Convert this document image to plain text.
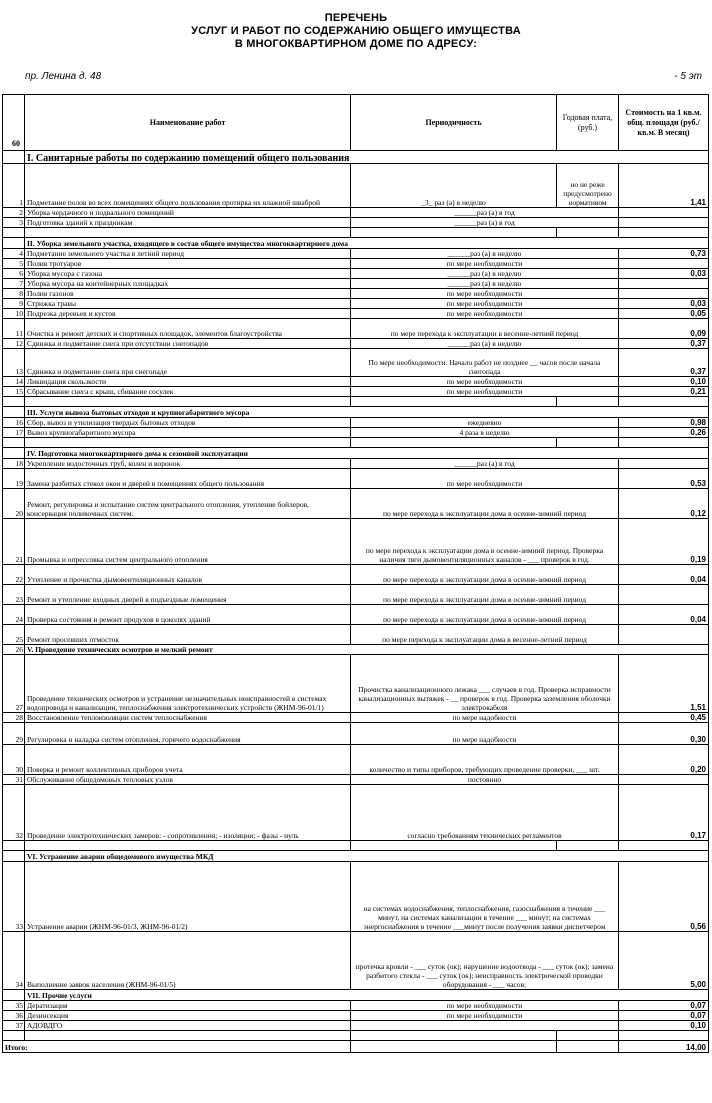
ПЕРЕЧЕНЬ
УСЛУГ И РАБОТ ПО СОДЕРЖАНИЮ ОБЩЕГО ИМУЩЕСТВА
В МНОГОКВАРТИРНОМ ДОМЕ ПО АДРЕСУ:
пр. Ленина д. 48	- 5 эт
60	Наименование работ	Периодичность	Годовая плата, (руб.)	Стоимость на 1 кв.м. общ. площади (руб./кв.м. В месяц)
	I. Санитарные работы по содержанию помещений общего пользования			
1	Подметание полов во всех помещениях общего пользования протирка их влажной шваброй	_3_ раз (а) в неделю	но не реже предусмотрено нормативом	1,41
2	Уборка чердачного и подвального помещений	______раз (а) в год		
3	Подготовка зданий к праздникам	______раз (а) в год		

	II. Уборка земельного участка, входящего в состав общего имущества многоквартирного дома			
4	Подметание земельного участка в летний период	______раз (а) в неделю		0,73
5	Полив тротуаров	по мере необходимости		
6	Уборка мусора с газона	______раз (а) в неделю		0,03
7	Уборка мусора на контейнерных площадках	______раз (а) в неделю		
8	Полив газонов	по мере необходимости		
9	Стрижка травы	по мере необходимости		0,03
10	Подрезка деревьев и кустов	по мере необходимости		0,05
11	Очистка и ремонт детских и спортивных площадок, элементов благоустройства	по мере перехода к эксплуатации в весенне-летний период		0,09
12	Сдвижка и подметание снега при отсутствии снегопадов	______раз (а) в неделю		0,37
13	Сдвижка и подметание снега при снегопаде	По мере необходимости. Начало работ не позднее __ часов после начала снегопада		0,37
14	Ликвидация скользкости	по мере необходимости		0,10
15	Сбрасывание снега с крыш, сбивание сосулек	по мере необходимости		0,21

	III. Услуги вывоза бытовых отходов и крупногабаритного мусора			
16	Сбор, вывоз и утилизация твердых бытовых отходов	ежедневно		0,98
17	Вывоз крупногабаритного мусора	4 раза в неделю		0,26

	IV. Подготовка многоквартирного дома к сезонной эксплуатации			
18	Укрепление водосточных труб, колен и воронок	______раз (а) в год		
19	Замена разбитых стекол окон и дверей в помещениях общего пользования	по мере необходимости		0,53
20	Ремонт, регулировка и испытание систем центрального отопления, утепление бойлеров, консервация поливочных систем.	по мере перехода к эксплуатации дома в осенне-зимний период		0,12
21	Промывка и опрессовка систем центрального отопления	по мере перехода к эксплуатации дома в осенне-зимний период. Проверка наличия тяги дымовентиляционных каналов - ___ проверок в год.		0,19
22	Утепление и прочистка дымовентиляционных каналов	по мере перехода к эксплуатации дома в осенне-зимний период		0,04
23	Ремонт и утепление входных дверей в подъездные помещения	по мере перехода к эксплуатации дома в осенне-зимний период		
24	Проверка состояния и ремонт продухов в цоколях зданий	по мере перехода к эксплуатации дома в осенне-зимний период		0,04
25	Ремонт просевших отмосток	по мере перехода к эксплуатации дома в весенне-летний период		
26	V. Проведение технических осмотров и мелкий ремонт			
27	Проведение технических осмотров и устранение незначительных неисправностей в системах водопровода и канализации, теплоснабжения электротехнических устройств (ЖНМ-96-01/1)	Прочистка канализационного лежака ___ случаев в год. Проверка исправности канализационных вытяжек - __ проверок в год. Проверка заземления оболочки электрокабеля		1,51
28	Восстановление теплоизоляции систем теплоснабжения	по мере надобности		0,45
29	Регулировка и наладка систем отопления, горячего водоснабжения	по мере надобности		0,30
30	Поверка и ремонт коллективных приборов учета	количество и типы приборов, требующих проведение проверки, ___ шт.		0,20
31	Обслуживание общедомовых тепловых узлов	постоянно		
32	Проведение электротехнических замеров: - сопротивления; - изоляции; - фазы - нуль	согласно требованиям технических регламентов		0,17

	VI. Устранение аварии общедомового имущества МКД			
33	Устранение аварии (ЖНМ-96-01/3, ЖНМ-96-01/2)	на системах водоснабжения, теплоснабжения, газоснабжения в течение ___ минут, на системах канализации в течение ___ минут; на системах энергоснабжения в течение ___минут после получения заявки диспетчером		0,56
34	Выполнение заявок населения (ЖНМ-96-01/5)	протечка кровли - ___ суток (ок); нарушение водоотвода - ___ суток (ок); замена разбитого стекла - ___ суток (ок); неисправность электрической проводки оборудования - ___ часов;		5,00
	VII. Прочие услуги			
35	Дератизация	по мере необходимости		0,07
36	Дезинсекция	по мере необходимости		0,07
37	АДОВДГО			0,10

Итого:				14,00
